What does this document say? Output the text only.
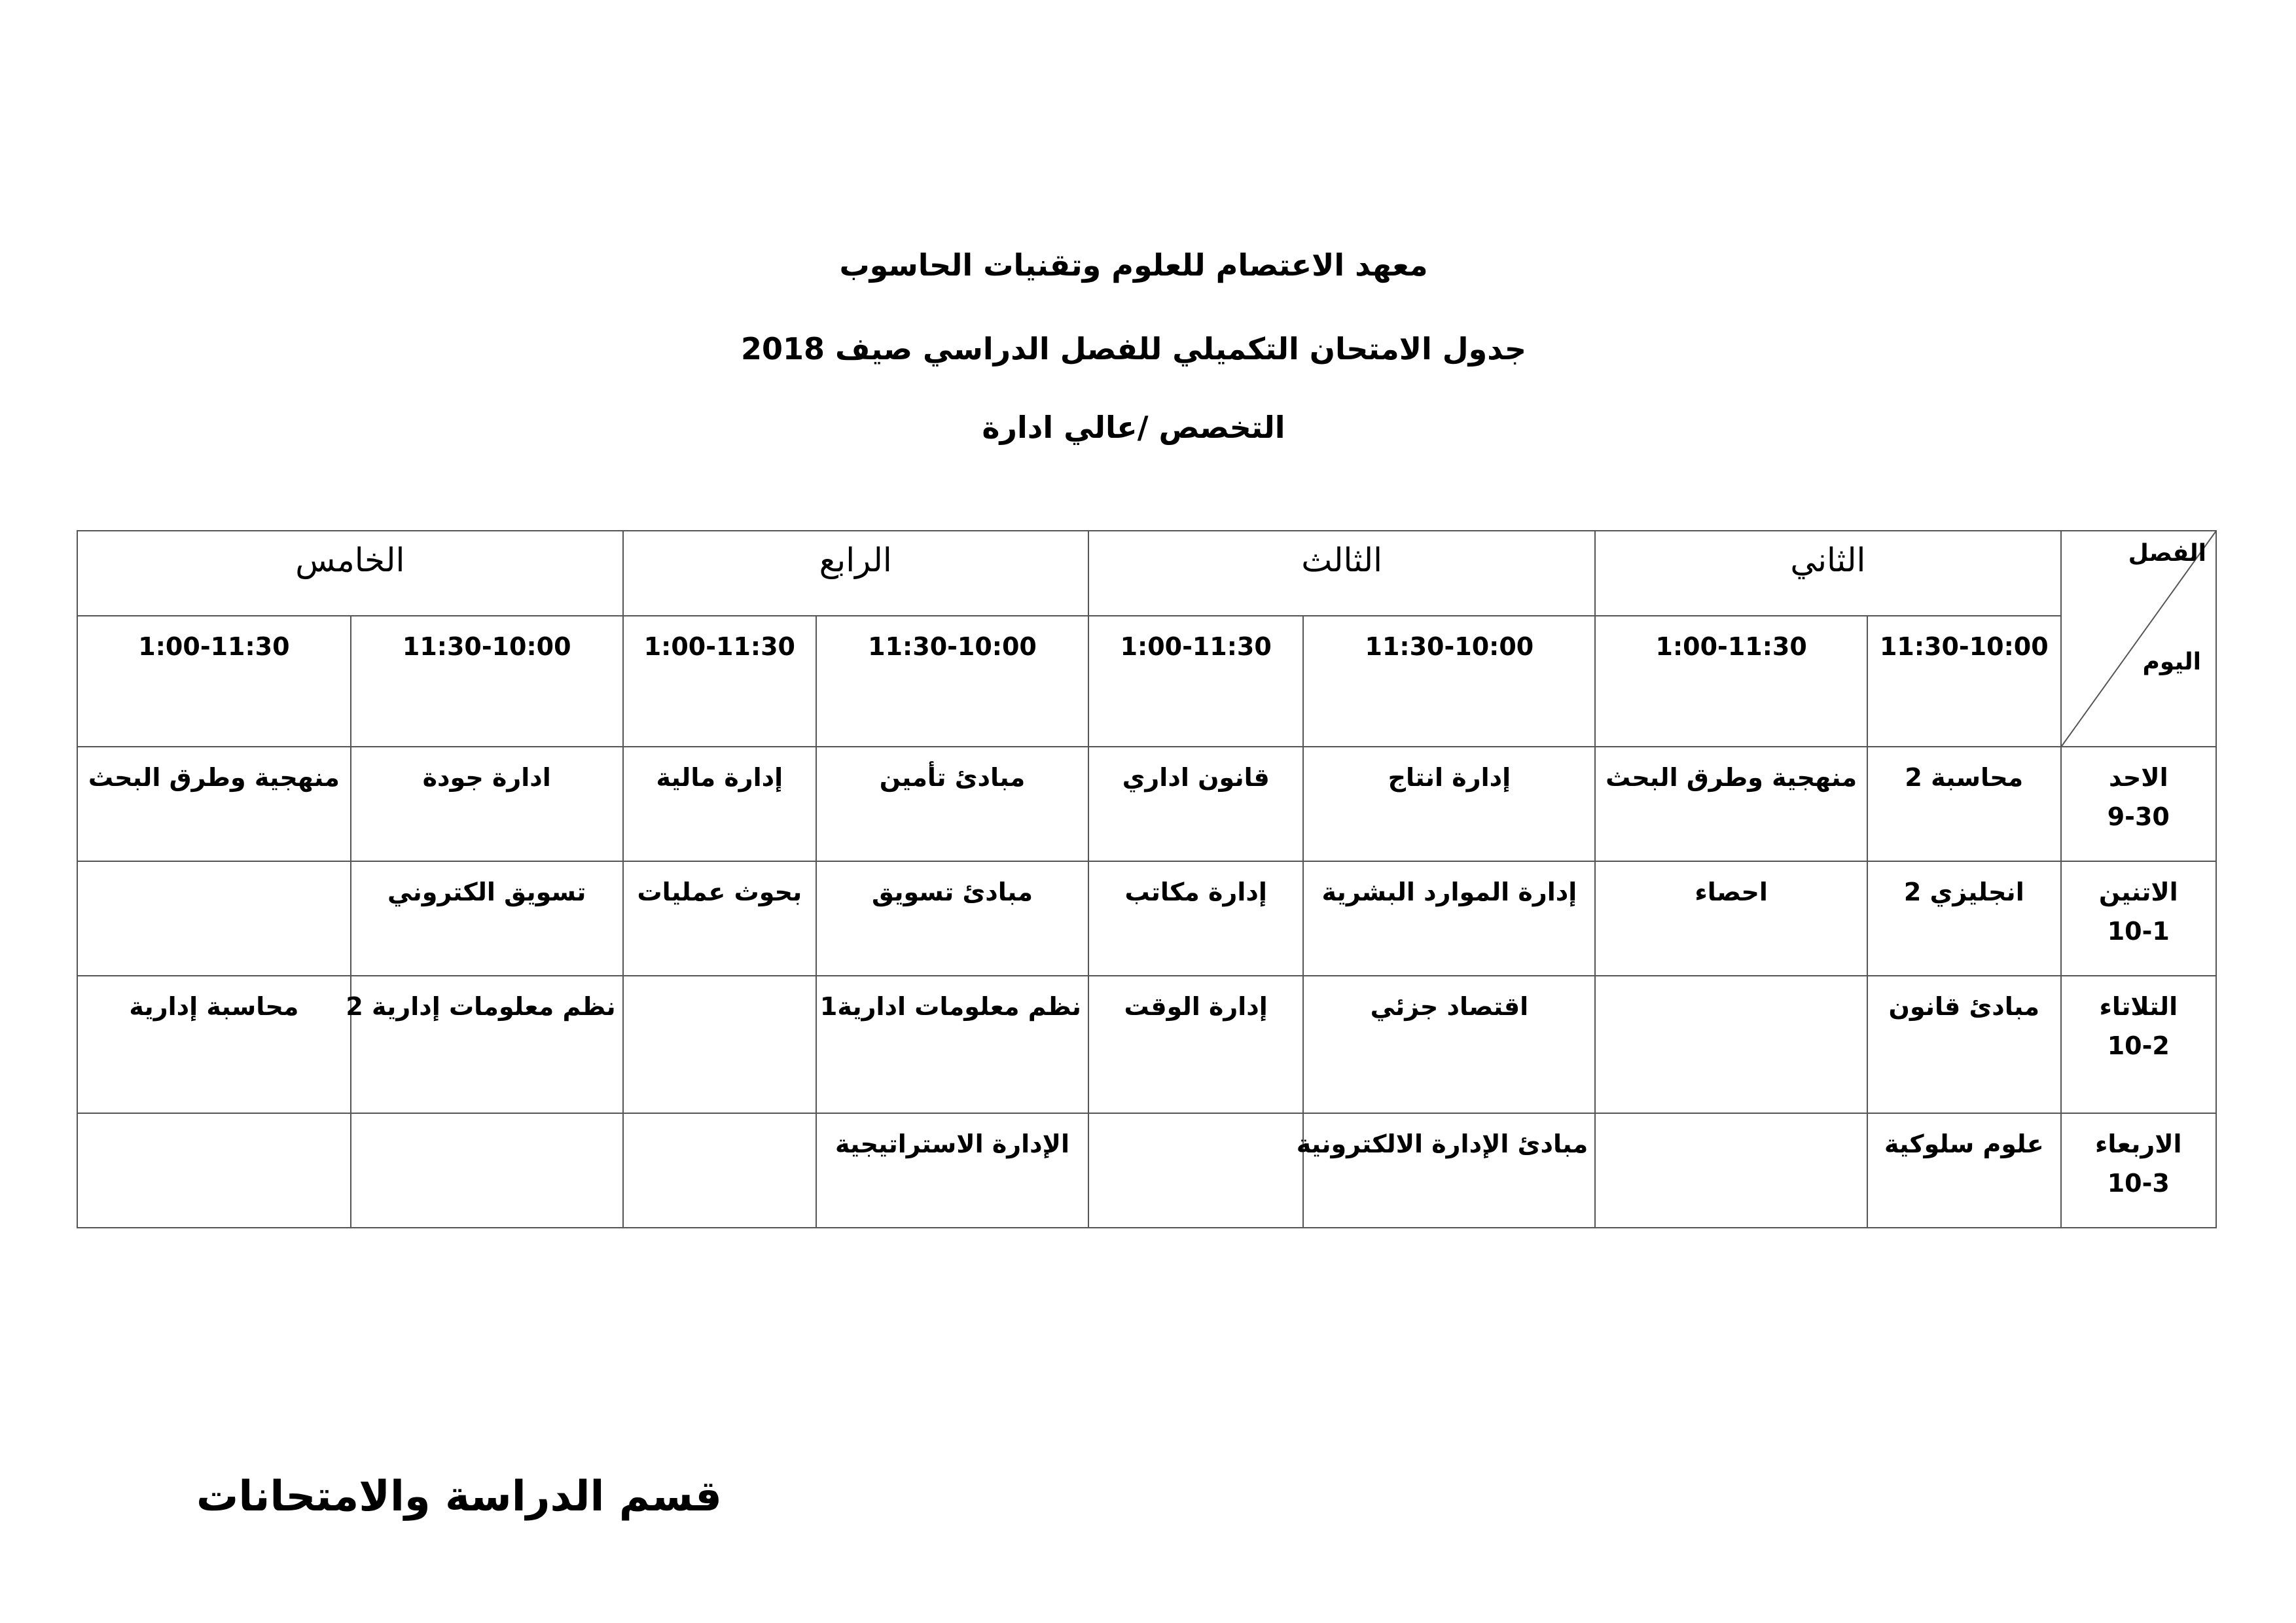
معهد الاعتصام للعلوم وتقنيات الحاسوب
جدول الامتحان التكميلي للفصل الدراسي صيف 2018
التخصص /عالي ادارة
الفصل
اليوم	الثاني		الثالث		الرابع		الخامس	
	11:30-10:00	1:00-11:30	11:30-10:00	1:00-11:30	11:30-10:00	1:00-11:30	11:30-10:00	1:00-11:30

الاحد
9-30	محاسبة 2	منهجية وطرق البحث	إدارة انتاج	قانون اداري	مبادئ تأمين	إدارة مالية	ادارة جودة	منهجية وطرق البحث

الاتنين
10-1	انجليزي 2	احصاء	إدارة الموارد البشرية	إدارة مكاتب	مبادئ تسويق	بحوث عمليات	تسويق الكتروني	

التلاتاء
10-2	مبادئ قانون		اقتصاد جزئي	إدارة الوقت	نظم معلومات ادارية1		نظم معلومات إدارية 2	محاسبة إدارية

الاربعاء
10-3	علوم سلوكية		مبادئ الإدارة الالكترونية		الإدارة الاستراتيجية			
قسم الدراسة والامتحانات
